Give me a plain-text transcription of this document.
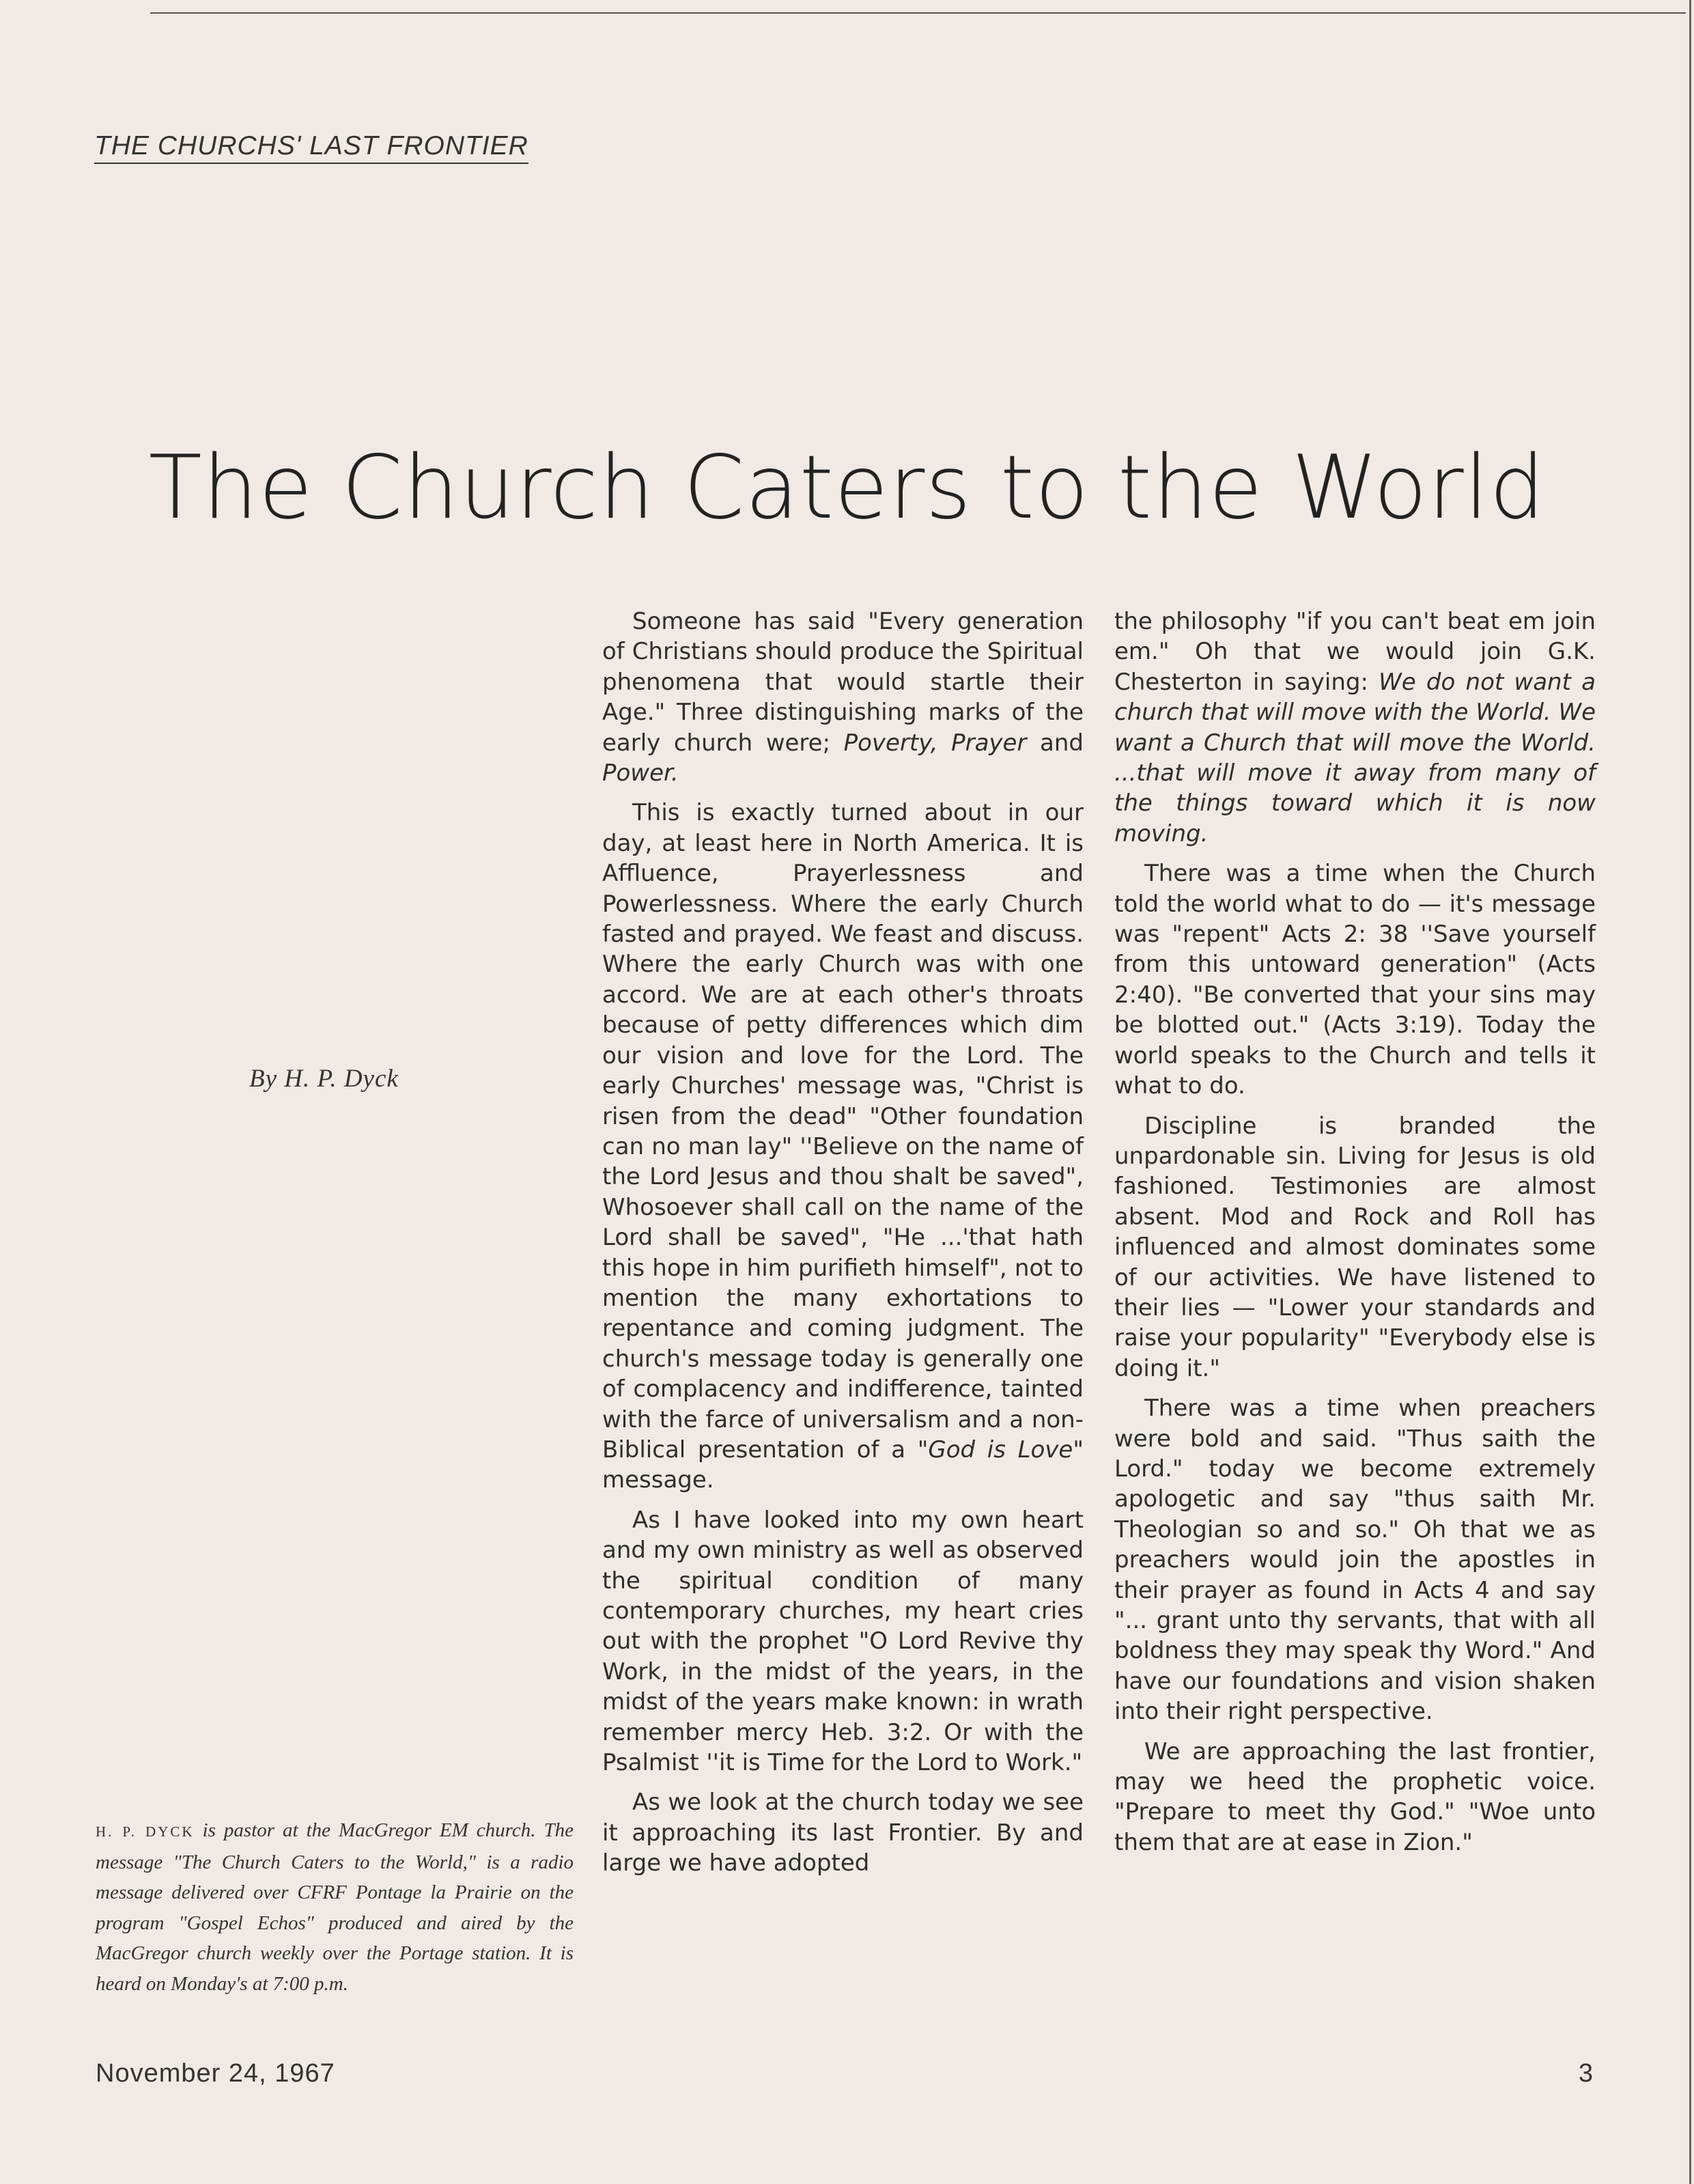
THE CHURCHS' LAST FRONTIER
The Church Caters to the World
By H. P. Dyck
H. P. DYCK is pastor at the MacGregor EM church. The message "The Church Caters to the World," is a radio message delivered over CFRF Pontage la Prairie on the program "Gospel Echos" produced and aired by the MacGregor church weekly over the Portage station. It is heard on Monday's at 7:00 p.m.

Someone has said "Every generation of Christians should produce the Spiritual phenomena that would startle their Age." Three distinguishing marks of the early church were; Poverty, Prayer and Power.

This is exactly turned about in our day, at least here in North America. It is Affluence, Prayerlessness and Powerlessness. Where the early Church fasted and prayed. We feast and discuss. Where the early Church was with one accord. We are at each other's throats because of petty differences which dim our vision and love for the Lord. The early Churches' message was, "Christ is risen from the dead" "Other foundation can no man lay" ''Believe on the name of the Lord Jesus and thou shalt be saved", Whosoever shall call on the name of the Lord shall be saved", "He ...'that hath this hope in him purifieth himself", not to mention the many exhortations to repentance and coming judgment. The church's message today is generally one of complacency and indifference, tainted with the farce of universalism and a non-Biblical presentation of a "God is Love" message.

As I have looked into my own heart and my own ministry as well as observed the spiritual condition of many contemporary churches, my heart cries out with the prophet "O Lord Revive thy Work, in the midst of the years, in the midst of the years make known: in wrath remember mercy Heb. 3:2. Or with the Psalmist ''it is Time for the Lord to Work."

As we look at the church today we see it approaching its last Frontier. By and large we have adopted

the philosophy "if you can't beat em join em." Oh that we would join G.K. Chesterton in saying: We do not want a church that will move with the World. We want a Church that will move the World. ...that will move it away from many of the things toward which it is now moving.

There was a time when the Church told the world what to do — it's message was "repent" Acts 2: 38 ''Save yourself from this untoward generation" (Acts 2:40). "Be converted that your sins may be blotted out." (Acts 3:19). Today the world speaks to the Church and tells it what to do.

Discipline is branded the unpardonable sin. Living for Jesus is old fashioned. Testimonies are almost absent. Mod and Rock and Roll has influenced and almost dominates some of our activities. We have listened to their lies — "Lower your standards and raise your popularity" "Everybody else is doing it."

There was a time when preachers were bold and said. "Thus saith the Lord." today we become extremely apologetic and say "thus saith Mr. Theologian so and so." Oh that we as preachers would join the apostles in their prayer as found in Acts 4 and say "... grant unto thy servants, that with all boldness they may speak thy Word." And have our foundations and vision shaken into their right perspective.

We are approaching the last frontier, may we heed the prophetic voice. "Prepare to meet thy God." "Woe unto them that are at ease in Zion."

November 24, 1967	3
